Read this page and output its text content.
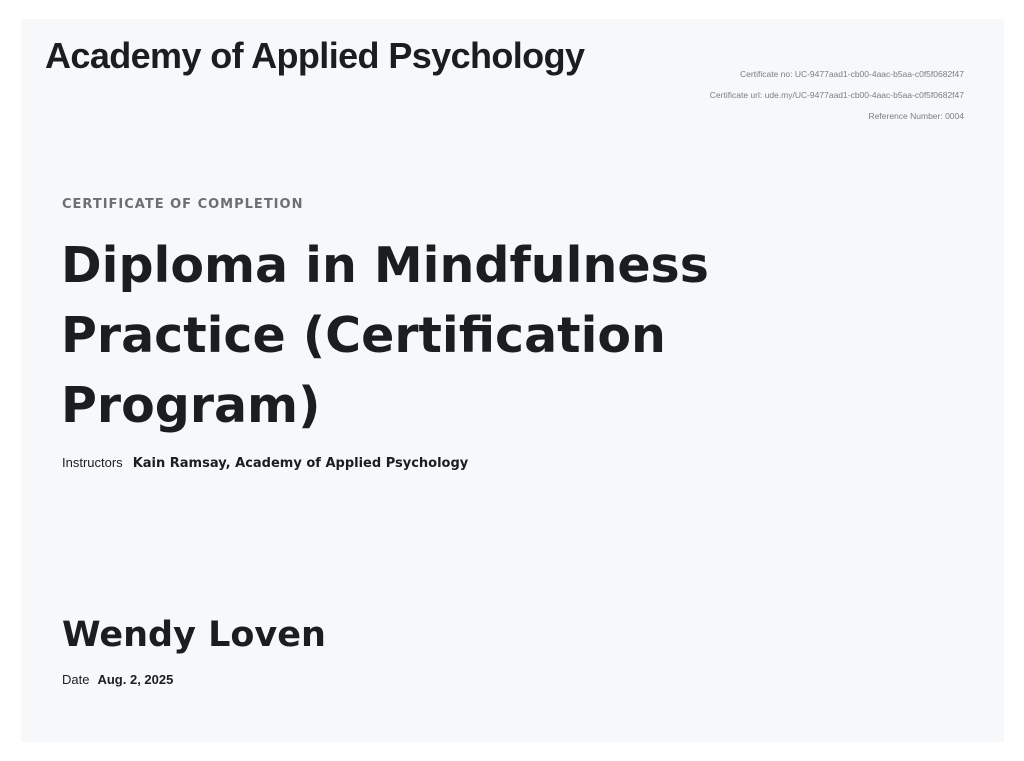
Academy of Applied Psychology	Certificate no: UC-9477aad1-cb00-4aac-b5aa-c0f5f0682f47
Certificate url: ude.my/UC-9477aad1-cb00-4aac-b5aa-c0f5f0682f47
Reference Number: 0004
CERTIFICATE OF COMPLETION
Diploma in Mindfulness Practice (Certification Program)
Instructors Kain Ramsay, Academy of Applied Psychology
Wendy Loven
Date Aug. 2, 2025
